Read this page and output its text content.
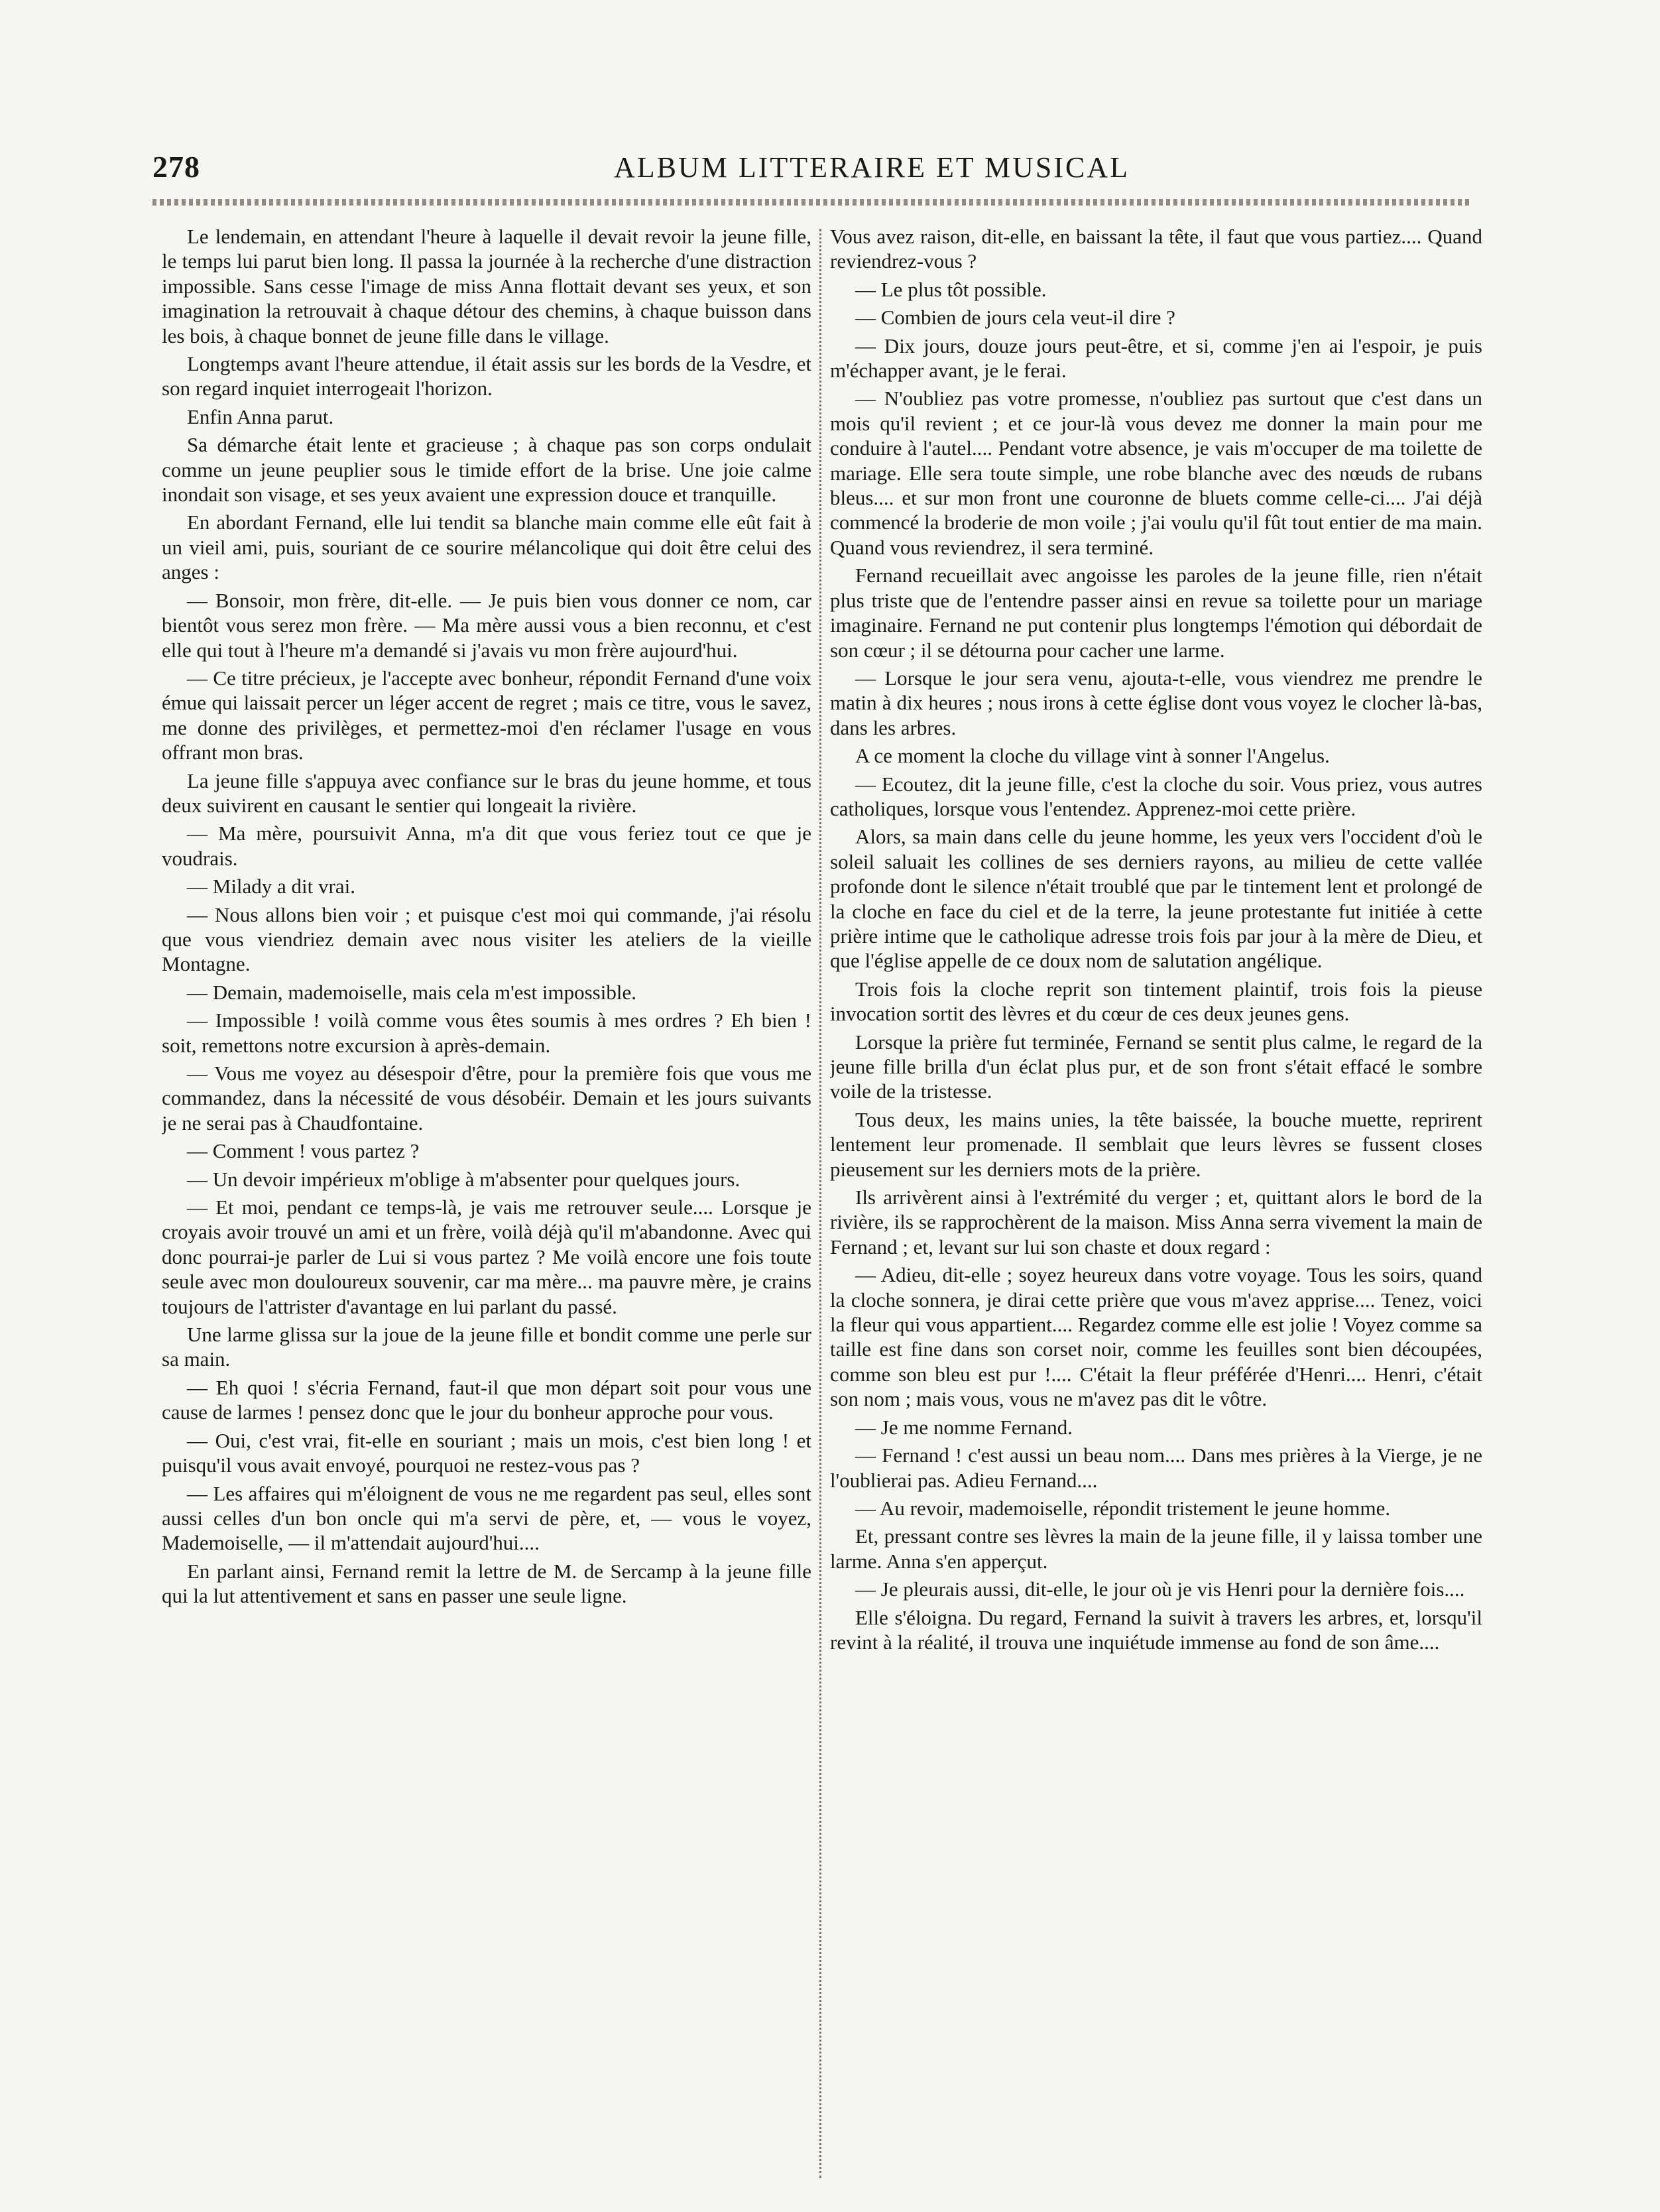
278	ALBUM LITTERAIRE ET MUSICAL

Le lendemain, en attendant l'heure à laquelle il devait revoir la jeune fille, le temps lui parut bien long. Il passa la journée à la recherche d'une distraction impossible. Sans cesse l'image de miss Anna flottait devant ses yeux, et son imagination la retrouvait à chaque détour des chemins, à chaque buisson dans les bois, à chaque bonnet de jeune fille dans le village.

Longtemps avant l'heure attendue, il était assis sur les bords de la Vesdre, et son regard inquiet interrogeait l'horizon.

Enfin Anna parut.

Sa démarche était lente et gracieuse ; à chaque pas son corps ondulait comme un jeune peuplier sous le timide effort de la brise. Une joie calme inondait son visage, et ses yeux avaient une expression douce et tranquille.

En abordant Fernand, elle lui tendit sa blanche main comme elle eût fait à un vieil ami, puis, souriant de ce sourire mélancolique qui doit être celui des anges :

— Bonsoir, mon frère, dit-elle. — Je puis bien vous donner ce nom, car bientôt vous serez mon frère. — Ma mère aussi vous a bien reconnu, et c'est elle qui tout à l'heure m'a demandé si j'avais vu mon frère aujourd'hui.

— Ce titre précieux, je l'accepte avec bonheur, répondit Fernand d'une voix émue qui laissait percer un léger accent de regret ; mais ce titre, vous le savez, me donne des privilèges, et permettez-moi d'en réclamer l'usage en vous offrant mon bras.

La jeune fille s'appuya avec confiance sur le bras du jeune homme, et tous deux suivirent en causant le sentier qui longeait la rivière.

— Ma mère, poursuivit Anna, m'a dit que vous feriez tout ce que je voudrais.

— Milady a dit vrai.

— Nous allons bien voir ; et puisque c'est moi qui commande, j'ai résolu que vous viendriez demain avec nous visiter les ateliers de la vieille Montagne.

— Demain, mademoiselle, mais cela m'est impossible.

— Impossible ! voilà comme vous êtes soumis à mes ordres ? Eh bien ! soit, remettons notre excursion à après-demain.

— Vous me voyez au désespoir d'être, pour la première fois que vous me commandez, dans la nécessité de vous désobéir. Demain et les jours suivants je ne serai pas à Chaudfontaine.

— Comment ! vous partez ?

— Un devoir impérieux m'oblige à m'absenter pour quelques jours.

— Et moi, pendant ce temps-là, je vais me retrouver seule.... Lorsque je croyais avoir trouvé un ami et un frère, voilà déjà qu'il m'abandonne. Avec qui donc pourrai-je parler de Lui si vous partez ? Me voilà encore une fois toute seule avec mon douloureux souvenir, car ma mère... ma pauvre mère, je crains toujours de l'attrister d'avantage en lui parlant du passé.

Une larme glissa sur la joue de la jeune fille et bondit comme une perle sur sa main.

— Eh quoi ! s'écria Fernand, faut-il que mon départ soit pour vous une cause de larmes ! pensez donc que le jour du bonheur approche pour vous.

— Oui, c'est vrai, fit-elle en souriant ; mais un mois, c'est bien long ! et puisqu'il vous avait envoyé, pourquoi ne restez-vous pas ?

— Les affaires qui m'éloignent de vous ne me regardent pas seul, elles sont aussi celles d'un bon oncle qui m'a servi de père, et, — vous le voyez, Mademoiselle, — il m'attendait aujourd'hui....

En parlant ainsi, Fernand remit la lettre de M. de Sercamp à la jeune fille qui la lut attentivement et sans en passer une seule ligne.

Vous avez raison, dit-elle, en baissant la tête, il faut que vous partiez.... Quand reviendrez-vous ?

— Le plus tôt possible.

— Combien de jours cela veut-il dire ?

— Dix jours, douze jours peut-être, et si, comme j'en ai l'espoir, je puis m'échapper avant, je le ferai.

— N'oubliez pas votre promesse, n'oubliez pas surtout que c'est dans un mois qu'il revient ; et ce jour-là vous devez me donner la main pour me conduire à l'autel.... Pendant votre absence, je vais m'occuper de ma toilette de mariage. Elle sera toute simple, une robe blanche avec des nœuds de rubans bleus.... et sur mon front une couronne de bluets comme celle-ci.... J'ai déjà commencé la broderie de mon voile ; j'ai voulu qu'il fût tout entier de ma main. Quand vous reviendrez, il sera terminé.

Fernand recueillait avec angoisse les paroles de la jeune fille, rien n'était plus triste que de l'entendre passer ainsi en revue sa toilette pour un mariage imaginaire. Fernand ne put contenir plus longtemps l'émotion qui débordait de son cœur ; il se détourna pour cacher une larme.

— Lorsque le jour sera venu, ajouta-t-elle, vous viendrez me prendre le matin à dix heures ; nous irons à cette église dont vous voyez le clocher là-bas, dans les arbres.

A ce moment la cloche du village vint à sonner l'Angelus.

— Ecoutez, dit la jeune fille, c'est la cloche du soir. Vous priez, vous autres catholiques, lorsque vous l'entendez. Apprenez-moi cette prière.

Alors, sa main dans celle du jeune homme, les yeux vers l'occident d'où le soleil saluait les collines de ses derniers rayons, au milieu de cette vallée profonde dont le silence n'était troublé que par le tintement lent et prolongé de la cloche en face du ciel et de la terre, la jeune protestante fut initiée à cette prière intime que le catholique adresse trois fois par jour à la mère de Dieu, et que l'église appelle de ce doux nom de salutation angélique.

Trois fois la cloche reprit son tintement plaintif, trois fois la pieuse invocation sortit des lèvres et du cœur de ces deux jeunes gens.

Lorsque la prière fut terminée, Fernand se sentit plus calme, le regard de la jeune fille brilla d'un éclat plus pur, et de son front s'était effacé le sombre voile de la tristesse.

Tous deux, les mains unies, la tête baissée, la bouche muette, reprirent lentement leur promenade. Il semblait que leurs lèvres se fussent closes pieusement sur les derniers mots de la prière.

Ils arrivèrent ainsi à l'extrémité du verger ; et, quittant alors le bord de la rivière, ils se rapprochèrent de la maison. Miss Anna serra vivement la main de Fernand ; et, levant sur lui son chaste et doux regard :

— Adieu, dit-elle ; soyez heureux dans votre voyage. Tous les soirs, quand la cloche sonnera, je dirai cette prière que vous m'avez apprise.... Tenez, voici la fleur qui vous appartient.... Regardez comme elle est jolie ! Voyez comme sa taille est fine dans son corset noir, comme les feuilles sont bien découpées, comme son bleu est pur !.... C'était la fleur préférée d'Henri.... Henri, c'était son nom ; mais vous, vous ne m'avez pas dit le vôtre.

— Je me nomme Fernand.

— Fernand ! c'est aussi un beau nom.... Dans mes prières à la Vierge, je ne l'oublierai pas. Adieu Fernand....

— Au revoir, mademoiselle, répondit tristement le jeune homme.

Et, pressant contre ses lèvres la main de la jeune fille, il y laissa tomber une larme. Anna s'en apperçut.

— Je pleurais aussi, dit-elle, le jour où je vis Henri pour la dernière fois....

Elle s'éloigna. Du regard, Fernand la suivit à travers les arbres, et, lorsqu'il revint à la réalité, il trouva une inquiétude immense au fond de son âme....
